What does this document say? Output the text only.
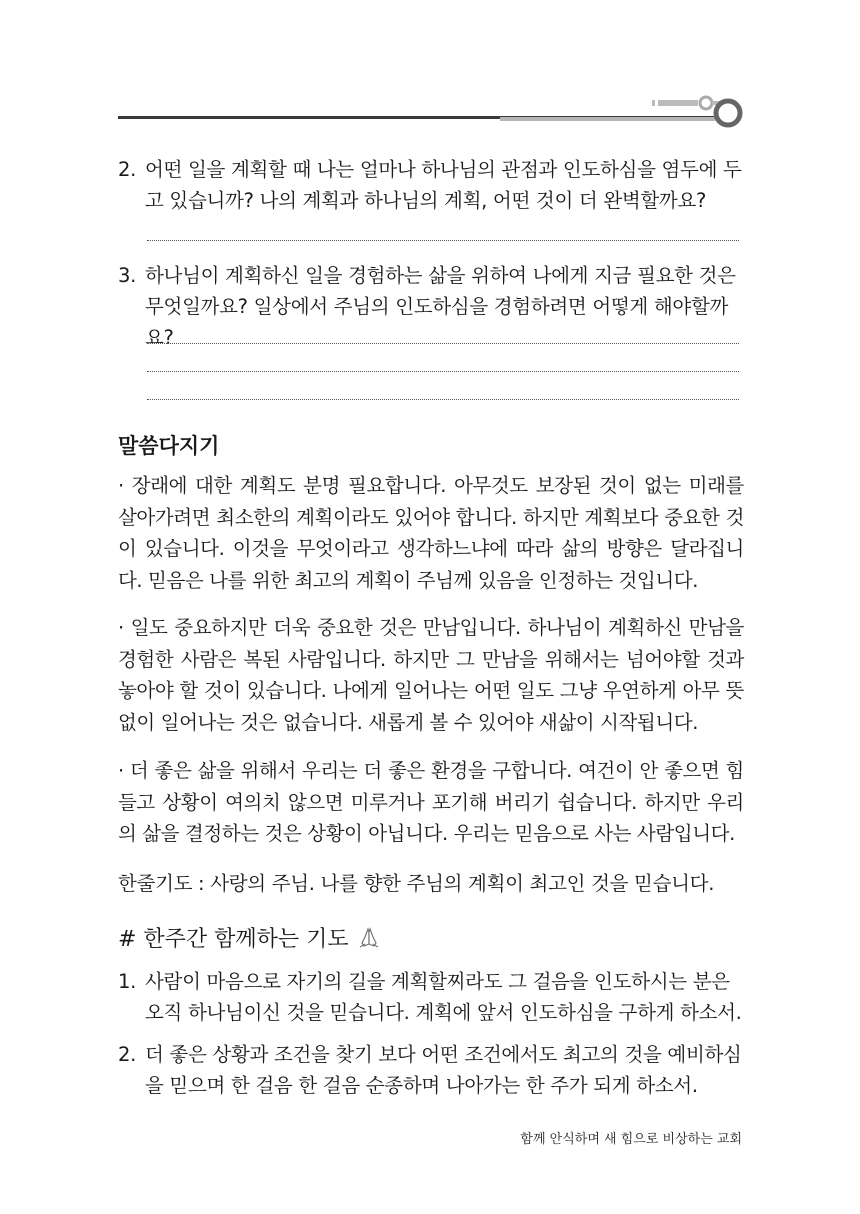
2. 어떤 일을 계획할 때 나는 얼마나 하나님의 관점과 인도하심을 염두에 두
고 있습니까? 나의 계획과 하나님의 계획, 어떤 것이 더 완벽할까요?
3. 하나님이 계획하신 일을 경험하는 삶을 위하여 나에게 지금 필요한 것은
무엇일까요? 일상에서 주님의 인도하심을 경험하려면 어떻게 해야할까요?
말씀다지기
· 장래에 대한 계획도 분명 필요합니다. 아무것도 보장된 것이 없는 미래를 살아가려면 최소한의 계획이라도 있어야 합니다. 하지만 계획보다 중요한 것이 있습니다. 이것을 무엇이라고 생각하느냐에 따라 삶의 방향은 달라집니다. 믿음은 나를 위한 최고의 계획이 주님께 있음을 인정하는 것입니다.
· 일도 중요하지만 더욱 중요한 것은 만남입니다. 하나님이 계획하신 만남을 경험한 사람은 복된 사람입니다. 하지만 그 만남을 위해서는 넘어야할 것과 놓아야 할 것이 있습니다. 나에게 일어나는 어떤 일도 그냥 우연하게 아무 뜻없이 일어나는 것은 없습니다. 새롭게 볼 수 있어야 새삶이 시작됩니다.
· 더 좋은 삶을 위해서 우리는 더 좋은 환경을 구합니다. 여건이 안 좋으면 힘들고 상황이 여의치 않으면 미루거나 포기해 버리기 쉽습니다. 하지만 우리의 삶을 결정하는 것은 상황이 아닙니다. 우리는 믿음으로 사는 사람입니다.
한줄기도 : 사랑의 주님. 나를 향한 주님의 계획이 최고인 것을 믿습니다.
# 한주간 함께하는 기도
1. 사람이 마음으로 자기의 길을 계획할찌라도 그 걸음을 인도하시는 분은
오직 하나님이신 것을 믿습니다. 계획에 앞서 인도하심을 구하게 하소서.
2. 더 좋은 상황과 조건을 찾기 보다 어떤 조건에서도 최고의 것을 예비하심
을 믿으며 한 걸음 한 걸음 순종하며 나아가는 한 주가 되게 하소서.
함께 안식하며 새 힘으로 비상하는 교회
